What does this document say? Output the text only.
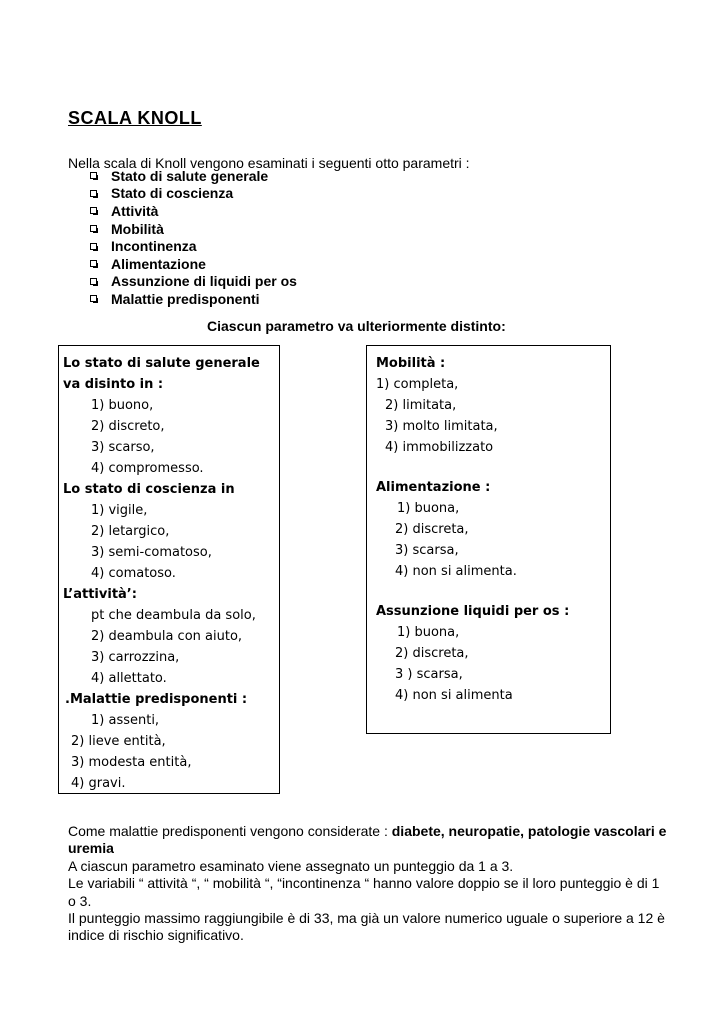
SCALA KNOLL
Nella scala di Knoll vengono esaminati i seguenti otto parametri :
Stato di salute generale
Stato di coscienza
Attività
Mobilità
Incontinenza
Alimentazione
Assunzione di liquidi per os
Malattie predisponenti
Ciascun parametro va ulteriormente distinto:
Lo stato di salute generale
va disinto in :
1) buono,
2) discreto,
3) scarso,
4) compromesso.
Lo stato di coscienza in
1) vigile,
2) letargico,
3) semi-comatoso,
4) comatoso.
L’attività’:
pt che deambula da solo,
2) deambula con aiuto,
3) carrozzina,
4) allettato.
.Malattie predisponenti :
1) assenti,
2) lieve entità,
3) modesta entità,
4) gravi.
Mobilità :
1) completa,
2) limitata,
3) molto limitata,
4) immobilizzato
Alimentazione :
1) buona,
2) discreta,
3) scarsa,
4) non si alimenta.
Assunzione liquidi per os :
1) buona,
2) discreta,
3 ) scarsa,
4) non si alimenta

Come malattie predisponenti vengono considerate : diabete, neuropatie, patologie vascolari e uremia

A ciascun parametro esaminato viene assegnato un punteggio da 1 a 3.

Le variabili “ attività “, “ mobilità “, “incontinenza “ hanno valore doppio se il loro punteggio è di 1 o 3.

Il punteggio massimo raggiungibile è di 33, ma già un valore numerico uguale o superiore a 12 è indice di rischio significativo.
